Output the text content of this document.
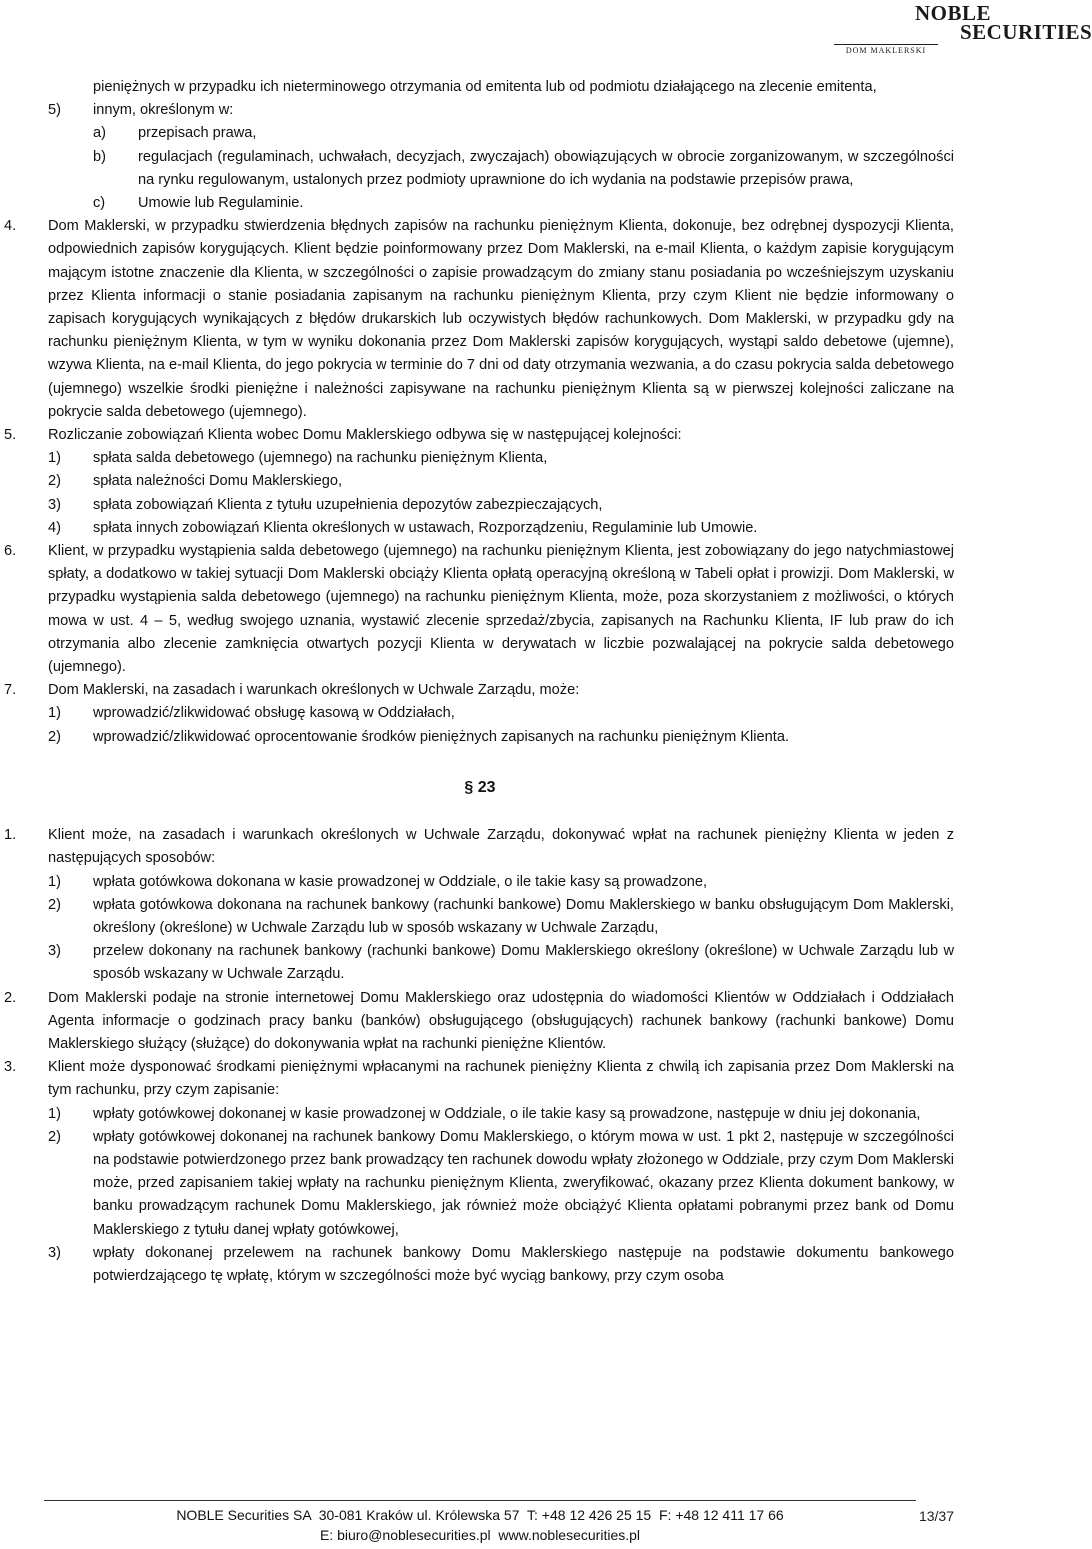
NOBLE
SECURITIES
DOM MAKLERSKI

pieniężnych w przypadku ich nieterminowego otrzymania od emitenta lub od podmiotu działającego na zlecenie emitenta,

5) innym, określonym w:

a) przepisach prawa,

b) regulacjach (regulaminach, uchwałach, decyzjach, zwyczajach) obowiązujących w obrocie zorganizowanym, w szczególności na rynku regulowanym, ustalonych przez podmioty uprawnione do ich wydania na podstawie przepisów prawa,

c) Umowie lub Regulaminie.

4. Dom Maklerski, w przypadku stwierdzenia błędnych zapisów na rachunku pieniężnym Klienta, dokonuje, bez odrębnej dyspozycji Klienta, odpowiednich zapisów korygujących. Klient będzie poinformowany przez Dom Maklerski, na e-mail Klienta, o każdym zapisie korygującym mającym istotne znaczenie dla Klienta, w szczególności o zapisie prowadzącym do zmiany stanu posiadania po wcześniejszym uzyskaniu przez Klienta informacji o stanie posiadania zapisanym na rachunku pieniężnym Klienta, przy czym Klient nie będzie informowany o zapisach korygujących wynikających z błędów drukarskich lub oczywistych błędów rachunkowych. Dom Maklerski, w przypadku gdy na rachunku pieniężnym Klienta, w tym w wyniku dokonania przez Dom Maklerski zapisów korygujących, wystąpi saldo debetowe (ujemne), wzywa Klienta, na e-mail Klienta, do jego pokrycia w terminie do 7 dni od daty otrzymania wezwania, a do czasu pokrycia salda debetowego (ujemnego) wszelkie środki pieniężne i należności zapisywane na rachunku pieniężnym Klienta są w pierwszej kolejności zaliczane na pokrycie salda debetowego (ujemnego).

5. Rozliczanie zobowiązań Klienta wobec Domu Maklerskiego odbywa się w następującej kolejności:

1) spłata salda debetowego (ujemnego) na rachunku pieniężnym Klienta,

2) spłata należności Domu Maklerskiego,

3) spłata zobowiązań Klienta z tytułu uzupełnienia depozytów zabezpieczających,

4) spłata innych zobowiązań Klienta określonych w ustawach, Rozporządzeniu, Regulaminie lub Umowie.

6. Klient, w przypadku wystąpienia salda debetowego (ujemnego) na rachunku pieniężnym Klienta, jest zobowiązany do jego natychmiastowej spłaty, a dodatkowo w takiej sytuacji Dom Maklerski obciąży Klienta opłatą operacyjną określoną w Tabeli opłat i prowizji. Dom Maklerski, w przypadku wystąpienia salda debetowego (ujemnego) na rachunku pieniężnym Klienta, może, poza skorzystaniem z możliwości, o których mowa w ust. 4 – 5, według swojego uznania, wystawić zlecenie sprzedaż/zbycia, zapisanych na Rachunku Klienta, IF lub praw do ich otrzymania albo zlecenie zamknięcia otwartych pozycji Klienta w derywatach w liczbie pozwalającej na pokrycie salda debetowego (ujemnego).

7. Dom Maklerski, na zasadach i warunkach określonych w Uchwale Zarządu, może:

1) wprowadzić/zlikwidować obsługę kasową w Oddziałach,

2) wprowadzić/zlikwidować oprocentowanie środków pieniężnych zapisanych na rachunku pieniężnym Klienta.

§ 23

1. Klient może, na zasadach i warunkach określonych w Uchwale Zarządu, dokonywać wpłat na rachunek pieniężny Klienta w jeden z następujących sposobów:

1) wpłata gotówkowa dokonana w kasie prowadzonej w Oddziale, o ile takie kasy są prowadzone,

2) wpłata gotówkowa dokonana na rachunek bankowy (rachunki bankowe) Domu Maklerskiego w banku obsługującym Dom Maklerski, określony (określone) w Uchwale Zarządu lub w sposób wskazany w Uchwale Zarządu,

3) przelew dokonany na rachunek bankowy (rachunki bankowe) Domu Maklerskiego określony (określone) w Uchwale Zarządu lub w sposób wskazany w Uchwale Zarządu.

2. Dom Maklerski podaje na stronie internetowej Domu Maklerskiego oraz udostępnia do wiadomości Klientów w Oddziałach i Oddziałach Agenta informacje o godzinach pracy banku (banków) obsługującego (obsługujących) rachunek bankowy (rachunki bankowe) Domu Maklerskiego służący (służące) do dokonywania wpłat na rachunki pieniężne Klientów.

3. Klient może dysponować środkami pieniężnymi wpłacanymi na rachunek pieniężny Klienta z chwilą ich zapisania przez Dom Maklerski na tym rachunku, przy czym zapisanie:

1) wpłaty gotówkowej dokonanej w kasie prowadzonej w Oddziale, o ile takie kasy są prowadzone, następuje w dniu jej dokonania,

2) wpłaty gotówkowej dokonanej na rachunek bankowy Domu Maklerskiego, o którym mowa w ust. 1 pkt 2, następuje w szczególności na podstawie potwierdzonego przez bank prowadzący ten rachunek dowodu wpłaty złożonego w Oddziale, przy czym Dom Maklerski może, przed zapisaniem takiej wpłaty na rachunku pieniężnym Klienta, zweryfikować, okazany przez Klienta dokument bankowy, w banku prowadzącym rachunek Domu Maklerskiego, jak również może obciążyć Klienta opłatami pobranymi przez bank od Domu Maklerskiego z tytułu danej wpłaty gotówkowej,

3) wpłaty dokonanej przelewem na rachunek bankowy Domu Maklerskiego następuje na podstawie dokumentu bankowego potwierdzającego tę wpłatę, którym w szczególności może być wyciąg bankowy, przy czym osoba

13/37
NOBLE Securities SA 30-081 Kraków ul. Królewska 57 T: +48 12 426 25 15 F: +48 12 411 17 66
E: biuro@noblesecurities.pl www.noblesecurities.pl
